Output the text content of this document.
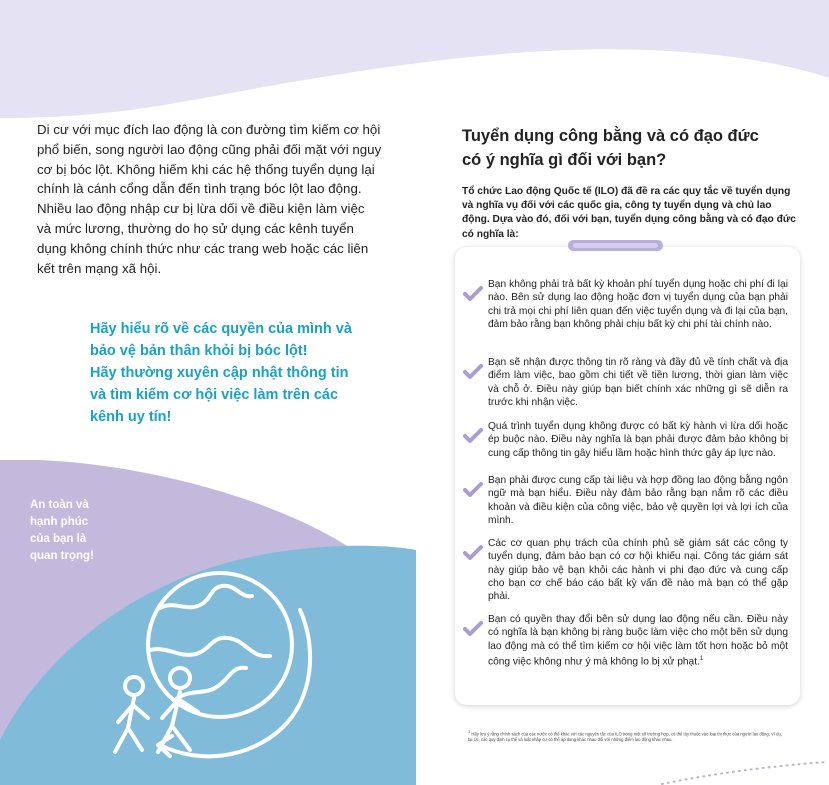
Di cư với mục đích lao động là con đường tìm kiếm cơ hội phổ biến, song người lao động cũng phải đối mặt với nguy cơ bị bóc lột. Không hiếm khi các hệ thống tuyển dụng lại chính là cánh cổng dẫn đến tình trạng bóc lột lao động. Nhiều lao động nhập cư bị lừa dối về điều kiện làm việc và mức lương, thường do họ sử dụng các kênh tuyển dụng không chính thức như các trang web hoặc các liên kết trên mạng xã hội.

Hãy hiểu rõ về các quyền của mình và

bảo vệ bản thân khỏi bị bóc lột!

Hãy thường xuyên cập nhật thông tin

và tìm kiếm cơ hội việc làm trên các

kênh uy tín!

An toàn và

hạnh phúc

của bạn là

quan trọng!

Tuyển dụng công bằng và có đạo đức
có ý nghĩa gì đối với bạn?

Tổ chức Lao động Quốc tế (ILO) đã đề ra các quy tắc về tuyển dụng và nghĩa vụ đối với các quốc gia, công ty tuyển dụng và chủ lao động. Dựa vào đó, đối với bạn, tuyển dụng công bằng và có đạo đức có nghĩa là:

Bạn không phải trả bất kỳ khoản phí tuyển dụng hoặc chi phí đi lại nào. Bên sử dụng lao động hoặc đơn vị tuyển dụng của bạn phải chi trả mọi chi phí liên quan đến việc tuyển dụng và đi lại của bạn, đảm bảo rằng bạn không phải chịu bất kỳ chi phí tài chính nào.

Bạn sẽ nhận được thông tin rõ ràng và đầy đủ về tính chất và địa điểm làm việc, bao gồm chi tiết về tiền lương, thời gian làm việc và chỗ ở. Điều này giúp bạn biết chính xác những gì sẽ diễn ra trước khi nhận việc.

Quá trình tuyển dụng không được có bất kỳ hành vi lừa dối hoặc ép buộc nào. Điều này nghĩa là bạn phải được đảm bảo không bị cung cấp thông tin gây hiểu lầm hoặc hình thức gây áp lực nào.

Bạn phải được cung cấp tài liệu và hợp đồng lao động bằng ngôn ngữ mà bạn hiểu. Điều này đảm bảo rằng bạn nắm rõ các điều khoản và điều kiện của công việc, bảo vệ quyền lợi và lợi ích của mình.

Các cơ quan phụ trách của chính phủ sẽ giám sát các công ty tuyển dụng, đảm bảo bạn có cơ hội khiếu nại. Công tác giám sát này giúp bảo vệ bạn khỏi các hành vi phi đạo đức và cung cấp cho bạn cơ chế báo cáo bất kỳ vấn đề nào mà bạn có thể gặp phải.

Bạn có quyền thay đổi bên sử dụng lao động nếu cần. Điều này có nghĩa là bạn không bị ràng buộc làm việc cho một bên sử dụng lao động mà có thể tìm kiếm cơ hội việc làm tốt hơn hoặc bỏ một công việc không như ý mà không lo bị xử phạt.$^1$

$^1$ Hãy lưu ý rằng chính sách của các nước có thể khác với các nguyên tắc của ILO trong một số trường hợp, có thể tùy thuộc vào loại thị thực của người lao động. Ví dụ, tại Úc, các quy định cụ thể và luật nhập cư có thể áp dụng khác nhau đối với những điểm lao động khác nhau.
